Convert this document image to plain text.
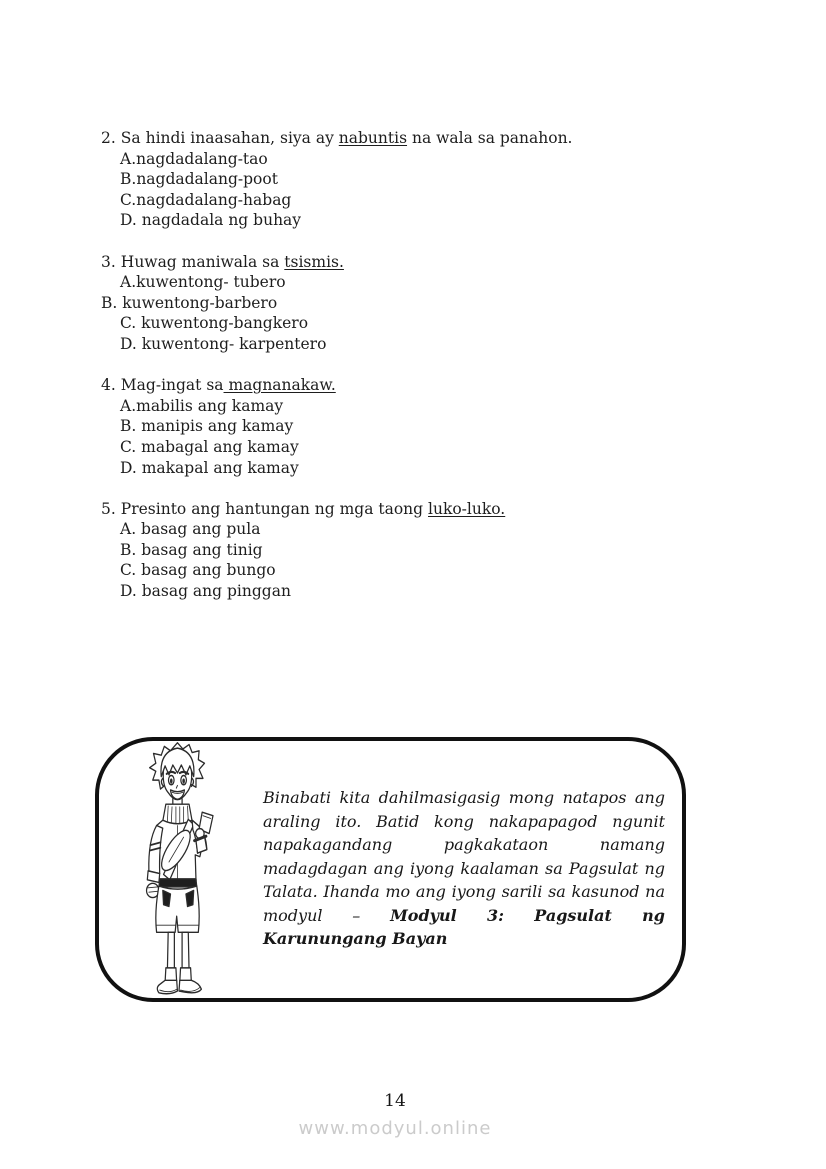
2. Sa hindi inaasahan, siya ay nabuntis na wala sa panahon.

A.nagdadalang-tao

B.nagdadalang-poot

C.nagdadalang-habag

D. nagdadala ng buhay

3. Huwag maniwala sa tsismis.

A.kuwentong- tubero

B. kuwentong-barbero

C. kuwentong-bangkero

D. kuwentong- karpentero

4. Mag-ingat sa magnanakaw.

A.mabilis ang kamay

B. manipis ang kamay

C. mabagal ang kamay

D. makapal ang kamay

5. Presinto ang hantungan ng mga taong luko-luko.

A. basag ang pula

B. basag ang tinig

C. basag ang bungo

D. basag ang pinggan

Binabati kita dahilmasigasig mong natapos ang araling ito. Batid kong nakapapagod ngunit napakagandang pagkakataon namang madagdagan ang iyong kaalaman sa Pagsulat ng Talata. Ihanda mo ang iyong sarili sa kasunod na modyul – Modyul 3: Pagsulat ng Karunungang Bayan

14
www.modyul.online
